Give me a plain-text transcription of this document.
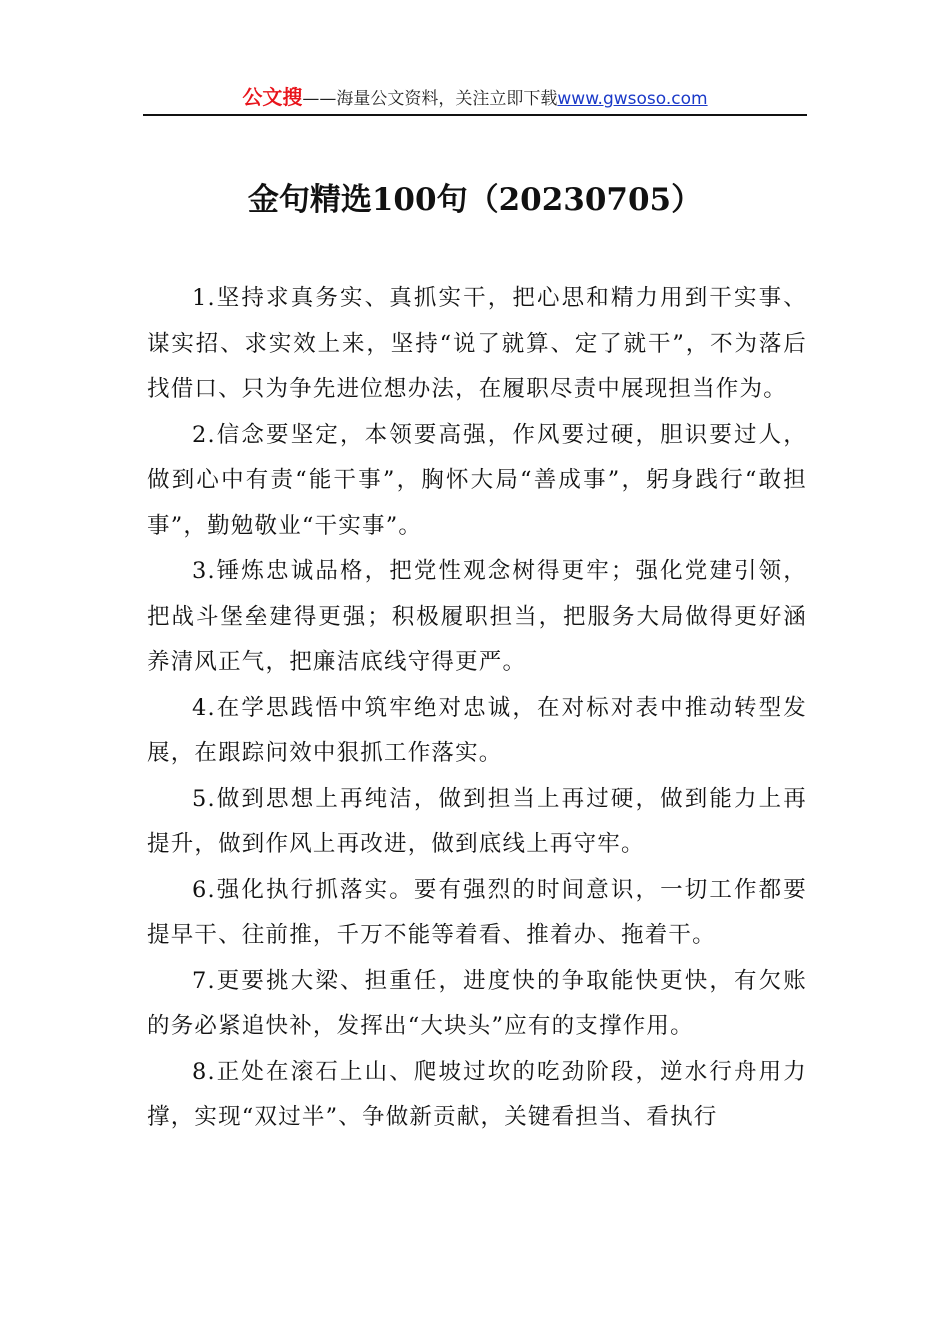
公文搜——海量公文资料，关注立即下载www.gwsoso.com
金句精选100句（20230705）

1.坚持求真务实、真抓实干，把心思和精力用到干实事、谋实招、求实效上来，坚持“说了就算、定了就干”，不为落后找借口、只为争先进位想办法，在履职尽责中展现担当作为。

2.信念要坚定，本领要高强，作风要过硬，胆识要过人，做到心中有责“能干事”，胸怀大局“善成事”，躬身践行“敢担事”，勤勉敬业“干实事”。

3.锤炼忠诚品格，把党性观念树得更牢；强化党建引领，把战斗堡垒建得更强；积极履职担当，把服务大局做得更好涵养清风正气，把廉洁底线守得更严。

4.在学思践悟中筑牢绝对忠诚，在对标对表中推动转型发展，在跟踪问效中狠抓工作落实。

5.做到思想上再纯洁，做到担当上再过硬，做到能力上再提升，做到作风上再改进，做到底线上再守牢。

6.强化执行抓落实。要有强烈的时间意识，一切工作都要提早干、往前推，千万不能等着看、推着办、拖着干。

7.更要挑大梁、担重任，进度快的争取能快更快，有欠账的务必紧追快补，发挥出“大块头”应有的支撑作用。

8.正处在滚石上山、爬坡过坎的吃劲阶段，逆水行舟用力撑，实现“双过半”、争做新贡献，关键看担当、看执行
